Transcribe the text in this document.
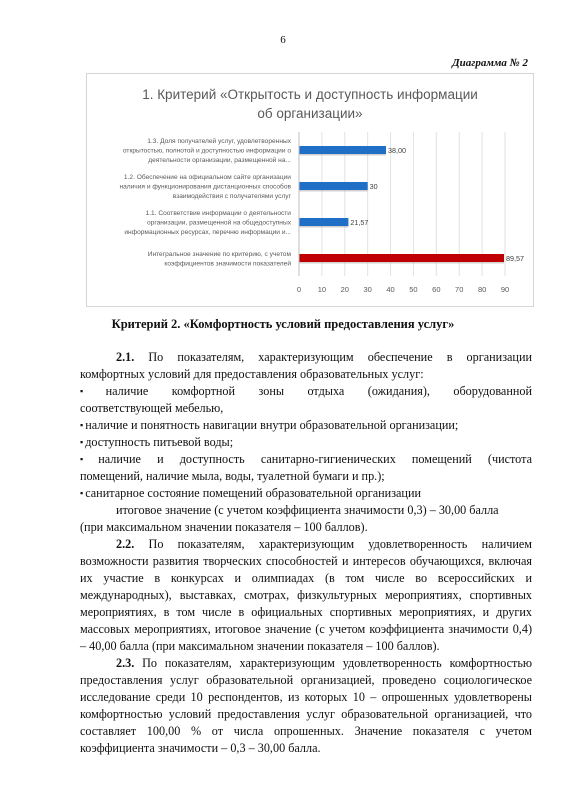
6
Диаграмма № 2
1. Критерий «Открытость и доступность информации
об организации»
0 10 20 30 40 50 60 70 80 90
89,57
Интегральное значение по критерию, с учетом
коэффициентов значимости показателей
21,57
1.1. Соответствие информации о деятельности
организации, размещенной на общедоступных
информационных ресурсах, перечню информации и...
30
1.2. Обеспечение на официальном сайте организации
наличия и функционирования дистанционных способов
взаимодействия с получателями услуг
38,00
1.3. Доля получателей услуг, удовлетворенных
открытостью, полнотой и доступностью информации о
деятельности организации, размещенной на...
Критерий 2. «Комфортность условий предоставления услуг»

2.1. По показателям, характеризующим обеспечение в организации

комфортных условий для предоставления образовательных услуг:

▪ наличие комфортной зоны отдыха (ожидания), оборудованной

соответствующей мебелью,

▪ наличие и понятность навигации внутри образовательной организации;
▪ доступность питьевой воды;
▪ наличие и доступность санитарно-гигиенических помещений (чистота

помещений, наличие мыла, воды, туалетной бумаги и пр.);

▪ санитарное состояние помещений образовательной организации

итоговое значение (с учетом коэффициента значимости 0,3) – 30,00 балла

(при максимальном значении показателя – 100 баллов).

2.2. По показателям, характеризующим удовлетворенность наличием возможности развития творческих способностей и интересов обучающихся, включая их участие в конкурсах и олимпиадах (в том числе во всероссийских и международных), выставках, смотрах, физкультурных мероприятиях, спортивных мероприятиях, в том числе в официальных спортивных мероприятиях, и других массовых мероприятиях, итоговое значение (с учетом коэффициента значимости 0,4) – 40,00 балла (при максимальном значении показателя – 100 баллов).

2.3. По показателям, характеризующим удовлетворенность комфортностью предоставления услуг образовательной организацией, проведено социологическое исследование среди 10 респондентов, из которых 10 – опрошенных удовлетворены комфортностью условий предоставления услуг образовательной организацией, что составляет 100,00 % от числа опрошенных. Значение показателя с учетом коэффициента значимости – 0,3 – 30,00 балла.
